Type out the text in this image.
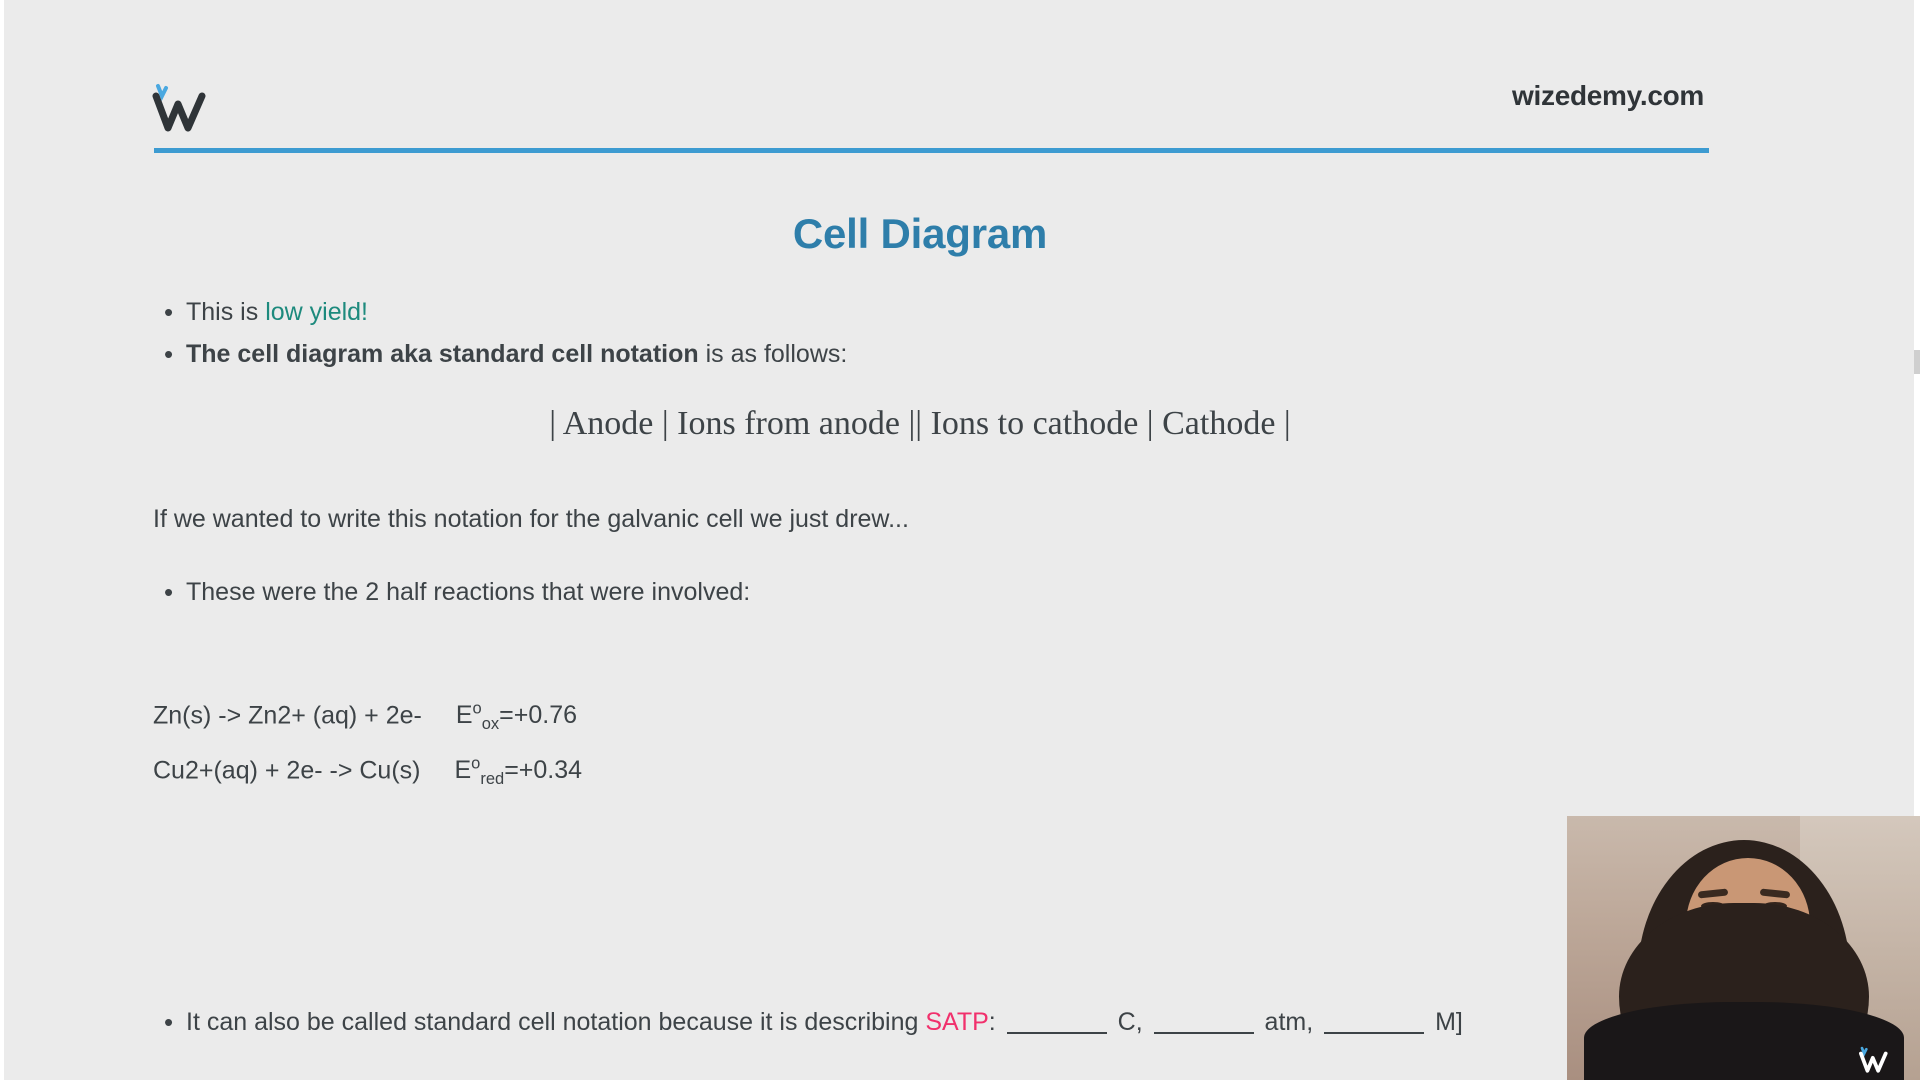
wizedemy.com
Cell Diagram
• This is low yield!
• The cell diagram aka standard cell notation is as follows:
| Anode | Ions from anode || Ions to cathode | Cathode |
If we wanted to write this notation for the galvanic cell we just drew...
• These were the 2 half reactions that were involved:
Zn(s) -> Zn2+ (aq) + 2e- $E^o_{ox}=+0.76$
Cu2+(aq) + 2e- -> Cu(s) $E^o_{red}=+0.34$
• It can also be called standard cell notation because it is describing SATP:	C,	atm,	M]
